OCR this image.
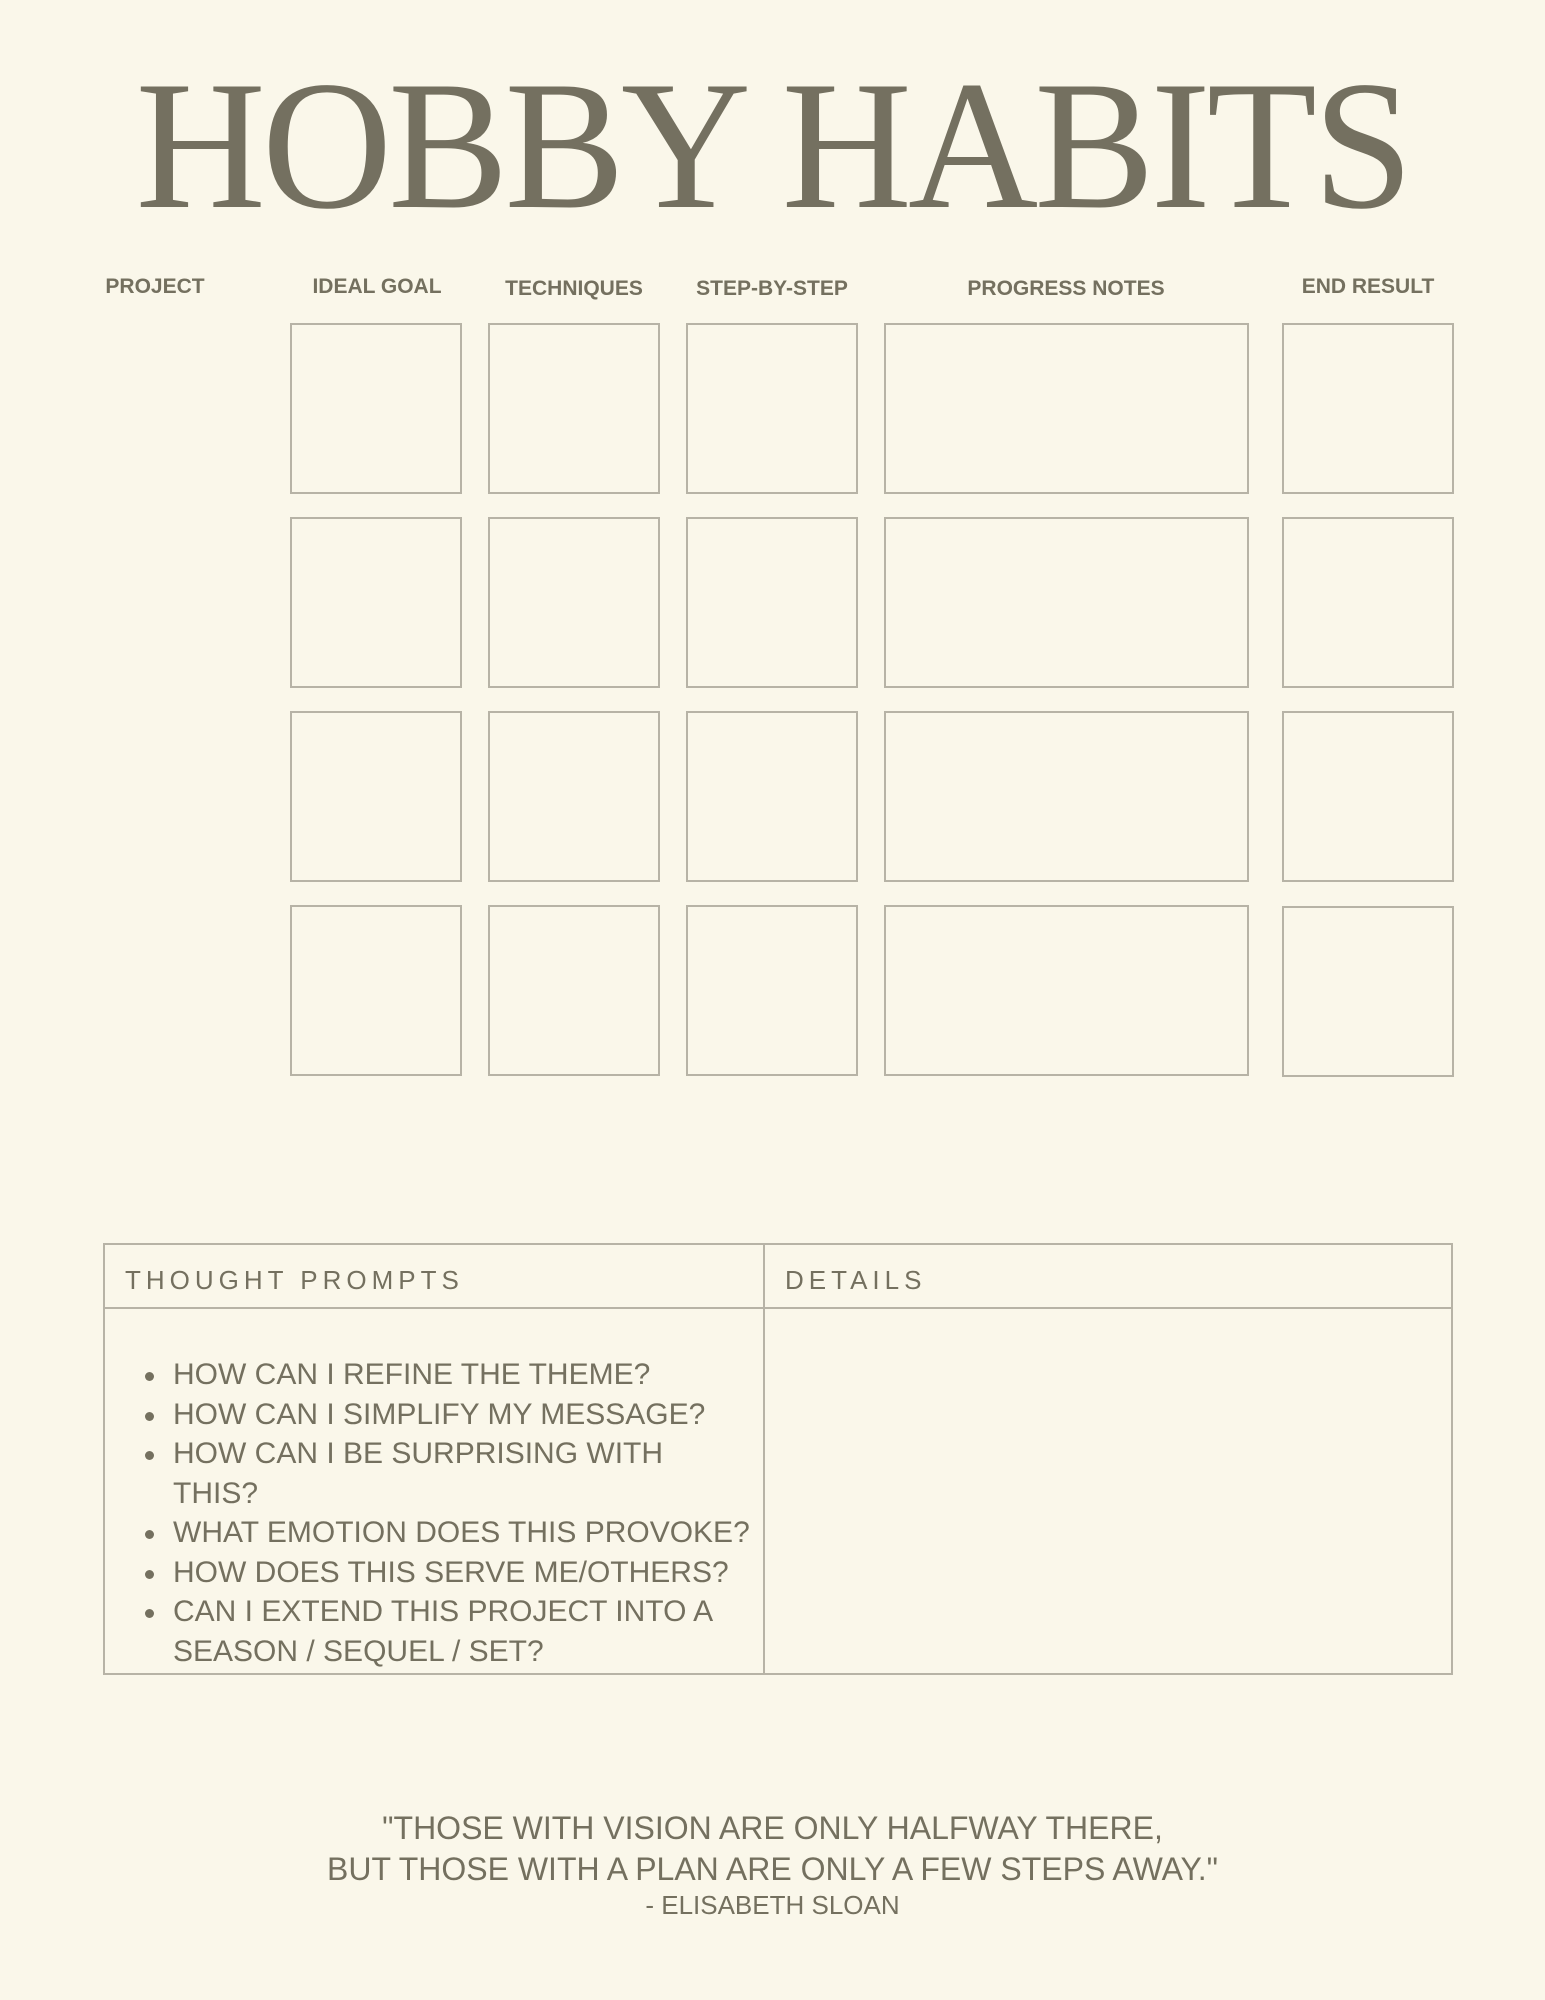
HOBBY HABITS
PROJECT	IDEAL GOAL	TECHNIQUES	STEP-BY-STEP	PROGRESS NOTES	END RESULT
THOUGHT PROMPTS	DETAILS
HOW CAN I REFINE THE THEME?
HOW CAN I SIMPLIFY MY MESSAGE?
HOW CAN I BE SURPRISING WITH THIS?
WHAT EMOTION DOES THIS PROVOKE?
HOW DOES THIS SERVE ME/OTHERS?
CAN I EXTEND THIS PROJECT INTO A SEASON / SEQUEL / SET?
"THOSE WITH VISION ARE ONLY HALFWAY THERE,
BUT THOSE WITH A PLAN ARE ONLY A FEW STEPS AWAY."
- ELISABETH SLOAN
